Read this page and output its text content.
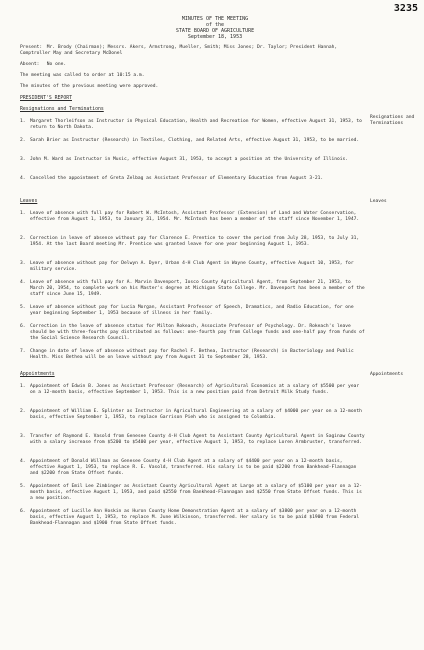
3235
MINUTES OF THE MEETING
of the
STATE BOARD OF AGRICULTURE
September 18, 1953
Present: Mr. Brody (Chairman); Messrs. Akers, Armstrong, Mueller, Smith; Miss Jones; Dr. Taylor; President Hannah, Comptroller May and Secretary McDonel
Absent: No one.
The meeting was called to order at 10:15 a.m.
The minutes of the previous meeting were approved.
PRESIDENT'S REPORT
Resignations and Terminations
Resignations and Terminations
1. Margaret Thorleifson as Instructor in Physical Education, Health and Recreation for Women, effective August 31, 1953, to return to North Dakota.
2. Sarah Brier as Instructor (Research) in Textiles, Clothing, and Related Arts, effective August 31, 1953, to be married.
3. John M. Ward as Instructor in Music, effective August 31, 1953, to accept a position at the University of Illinois.
4. Cancelled the appointment of Greta Zelbag as Assistant Professor of Elementary Education from August 3-21.
Leaves	Leaves
1. Leave of absence with full pay for Robert W. McIntosh, Assistant Professor (Extension) of Land and Water Conservation, effective from August 1, 1953, to January 31, 1954. Mr. McIntosh has been a member of the staff since November 1, 1947.
2. Correction in leave of absence without pay for Clarence E. Prentice to cover the period from July 28, 1953, to July 31, 1954. At the last Board meeting Mr. Prentice was granted leave for one year beginning August 1, 1953.
3. Leave of absence without pay for Delwyn A. Dyer, Urban 4-H Club Agent in Wayne County, effective August 10, 1953, for military service.
4. Leave of absence with full pay for A. Marvin Davenport, Iosco County Agricultural Agent, from September 21, 1953, to March 20, 1954, to complete work on his Master's degree at Michigan State College. Mr. Davenport has been a member of the staff since June 15, 1949.
5. Leave of absence without pay for Lucia Morgan, Assistant Professor of Speech, Dramatics, and Radio Education, for one year beginning September 1, 1953 because of illness in her family.
6. Correction in the leave of absence status for Milton Rokeach, Associate Professor of Psychology. Dr. Rokeach's leave should be with three-fourths pay distributed as follows: one-fourth pay from College funds and one-half pay from funds of the Social Science Research Council.
7. Change in date of leave of absence without pay for Rachel F. Bethea, Instructor (Research) in Bacteriology and Public Health. Miss Bethea will be on leave without pay from August 31 to September 28, 1953.
Appointments	Appointments
1. Appointment of Edwin B. Jones as Assistant Professor (Research) of Agricultural Economics at a salary of $5500 per year on a 12-month basis, effective September 1, 1953. This is a new position paid from Detroit Milk Study funds.
2. Appointment of William E. Splinter as Instructor in Agricultural Engineering at a salary of $4000 per year on a 12-month basis, effective September 1, 1953, to replace Garrison Pieh who is assigned to Colombia.
3. Transfer of Raymond E. Vasold from Genesee County 4-H Club Agent to Assistant County Agricultural Agent in Saginaw County with a salary increase from $5200 to $5400 per year, effective August 1, 1953, to replace Loren Armbruster, transferred.
4. Appointment of Donald Willman as Genesee County 4-H Club Agent at a salary of $4400 per year on a 12-month basis, effective August 1, 1953, to replace R. E. Vasold, transferred. His salary is to be paid $2200 from Bankhead-Flannagan and $2200 from State Offset funds.
5. Appointment of Emil Lee Zimbinger as Assistant County Agricultural Agent at Large at a salary of $5100 per year on a 12-month basis, effective August 1, 1953, and paid $2550 from Bankhead-Flannagan and $2550 from State Offset funds. This is a new position.
6. Appointment of Lucille Ann Hoskin as Huron County Home Demonstration Agent at a salary of $3800 per year on a 12-month basis, effective August 1, 1953, to replace M. June Wilkinson, transferred. Her salary is to be paid $1900 from Federal Bankhead-Flannagan and $1900 from State Offset funds.
